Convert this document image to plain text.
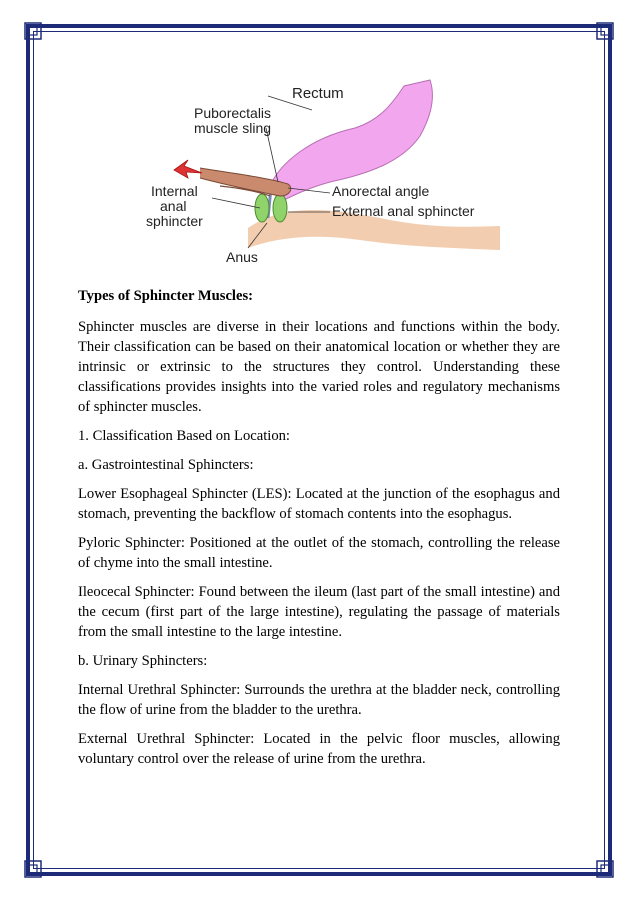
Rectum
Puborectalis
muscle sling
Internal
anal
sphincter
Anorectal angle
External anal sphincter
Anus

Types of Sphincter Muscles:

Sphincter muscles are diverse in their locations and functions within the body. Their classification can be based on their anatomical location or whether they are intrinsic or extrinsic to the structures they control. Understanding these classifications provides insights into the varied roles and regulatory mechanisms of sphincter muscles.

1. Classification Based on Location:

a. Gastrointestinal Sphincters:

Lower Esophageal Sphincter (LES): Located at the junction of the esophagus and stomach, preventing the backflow of stomach contents into the esophagus.

Pyloric Sphincter: Positioned at the outlet of the stomach, controlling the release of chyme into the small intestine.

Ileocecal Sphincter: Found between the ileum (last part of the small intestine) and the cecum (first part of the large intestine), regulating the passage of materials from the small intestine to the large intestine.

b. Urinary Sphincters:

Internal Urethral Sphincter: Surrounds the urethra at the bladder neck, controlling the flow of urine from the bladder to the urethra.

External Urethral Sphincter: Located in the pelvic floor muscles, allowing voluntary control over the release of urine from the urethra.
